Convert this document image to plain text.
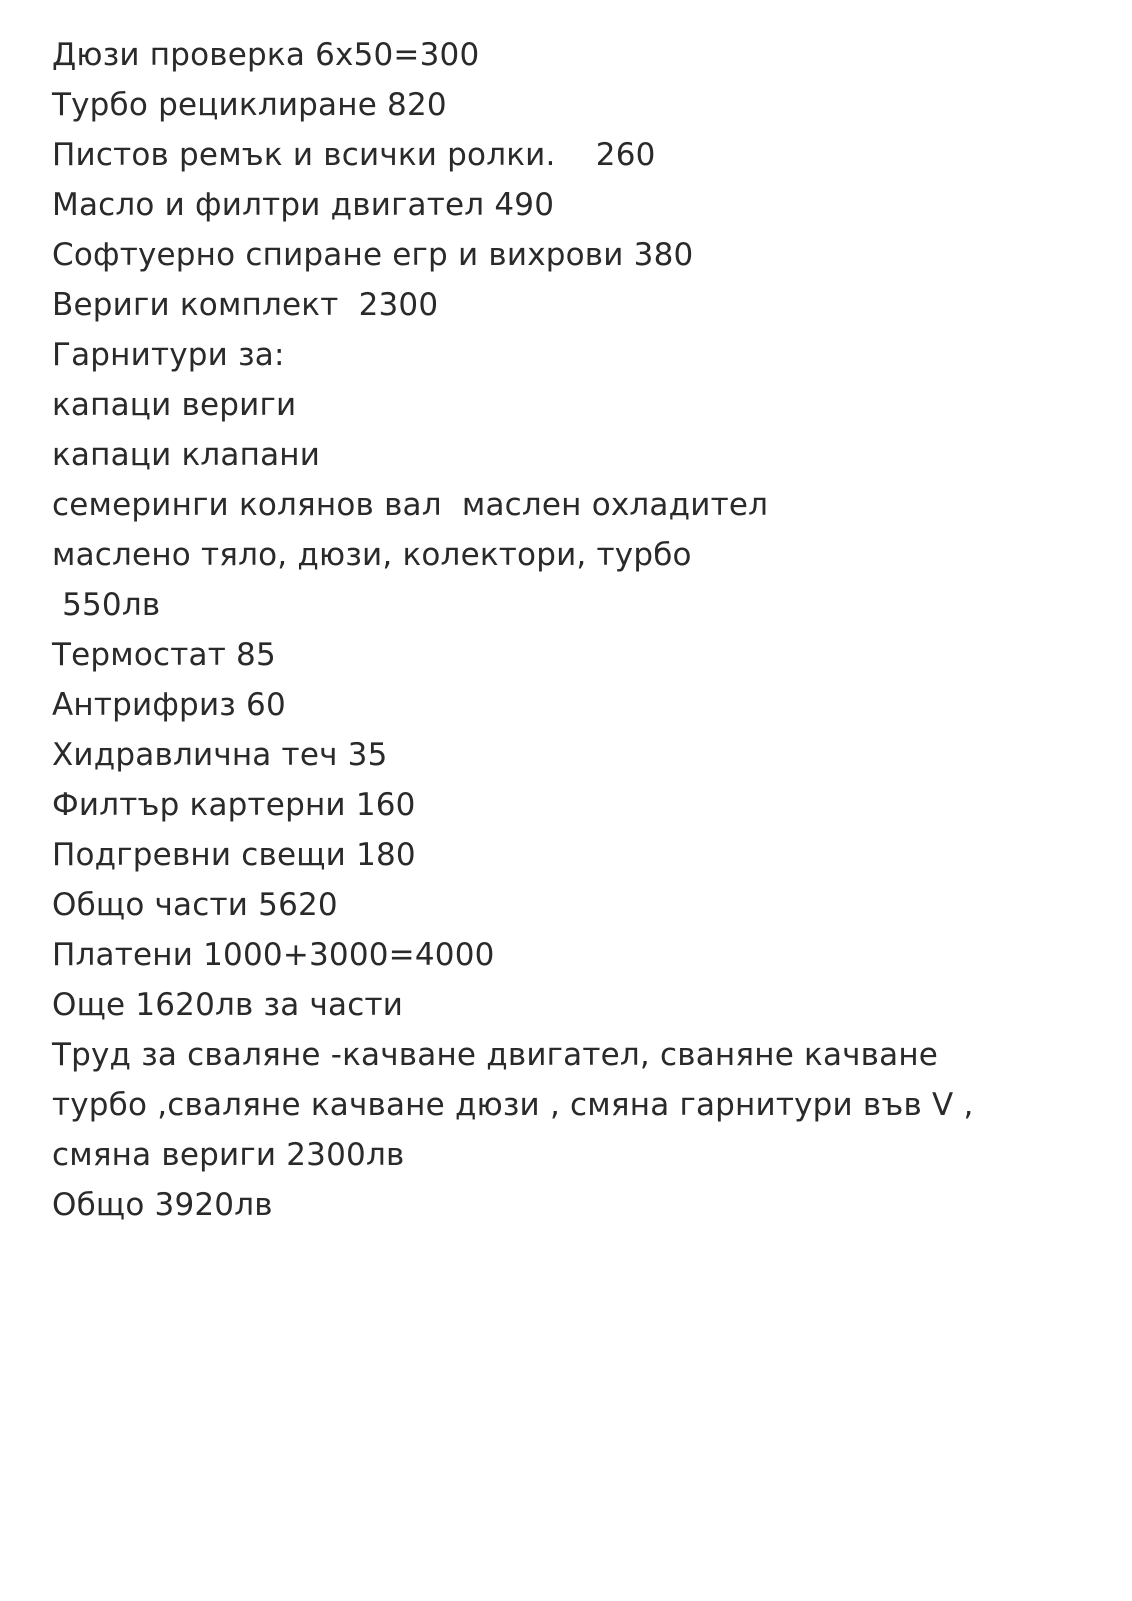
Дюзи проверка 6х50=300
Турбо рециклиране 820
Пистов ремък и всички ролки.    260
Масло и филтри двигател 490
Софтуерно спиране егр и вихрови 380
Вериги комплект  2300
Гарнитури за:
капаци вериги
капаци клапани
семеринги колянов вал  маслен охладител
маслено тяло, дюзи, колектори, турбо
550лв
Термостат 85
Антрифриз 60
Хидравлична теч 35
Филтър картерни 160
Подгревни свещи 180
Общо части 5620
Платени 1000+3000=4000
Още 1620лв за части
Труд за сваляне -качване двигател, сваняне качване
турбо ,сваляне качване дюзи , смяна гарнитури във V ,
смяна вериги 2300лв
Общо 3920лв
